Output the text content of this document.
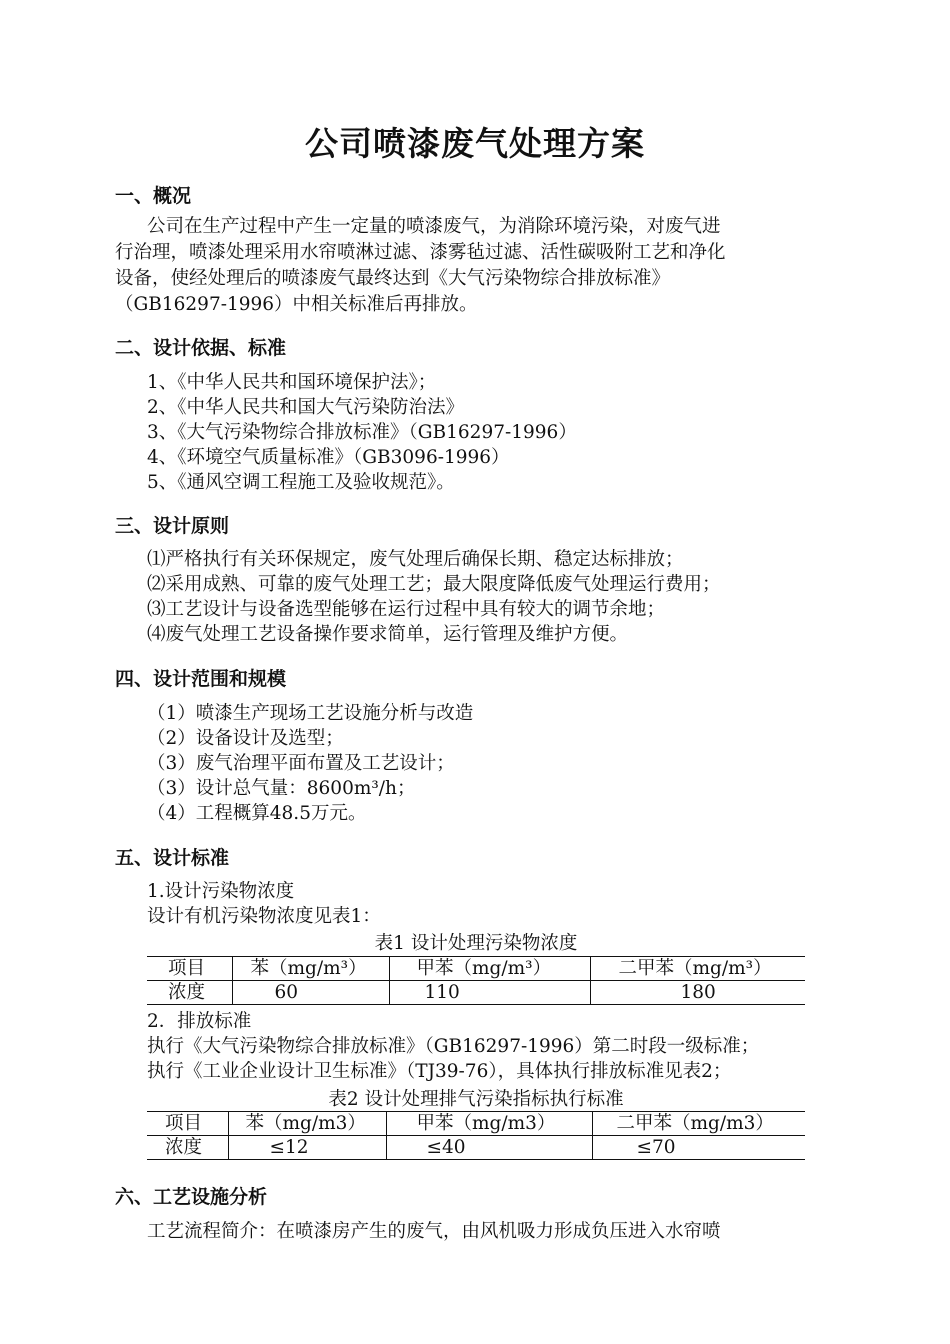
公司喷漆废气处理方案
一、概况
公司在生产过程中产生一定量的喷漆废气，为消除环境污染，对废气进
行治理，喷漆处理采用水帘喷淋过滤、漆雾毡过滤、活性碳吸附工艺和净化
设备，使经处理后的喷漆废气最终达到《大气污染物综合排放标准》
（GB16297-1996）中相关标准后再排放。
二、设计依据、标准
1、《中华人民共和国环境保护法》；
2、《中华人民共和国大气污染防治法》
3、《大气污染物综合排放标准》（GB16297-1996）
4、《环境空气质量标准》（GB3096-1996）
5、《通风空调工程施工及验收规范》。
三、设计原则
⑴严格执行有关环保规定，废气处理后确保长期、稳定达标排放；
⑵采用成熟、可靠的废气处理工艺；最大限度降低废气处理运行费用；
⑶工艺设计与设备选型能够在运行过程中具有较大的调节余地；
⑷废气处理工艺设备操作要求简单，运行管理及维护方便。
四、设计范围和规模
（1）喷漆生产现场工艺设施分析与改造
（2）设备设计及选型；
（3）废气治理平面布置及工艺设计；
（3）设计总气量：8600m³/h；
（4）工程概算48.5万元。
五、设计标准
1.设计污染物浓度
设计有机污染物浓度见表1：
表1 设计处理污染物浓度
项目	苯（mg/m³）	甲苯（mg/m³）	二甲苯（mg/m³）
浓度	60	110	180
2．排放标准
执行《大气污染物综合排放标准》（GB16297-1996）第二时段一级标准；
执行《工业企业设计卫生标准》（TJ39-76），具体执行排放标准见表2；
表2 设计处理排气污染指标执行标准
项目	苯（mg/m3）	甲苯（mg/m3）	二甲苯（mg/m3）
浓度	≤12	≤40	≤70
六、工艺设施分析
工艺流程简介：在喷漆房产生的废气，由风机吸力形成负压进入水帘喷
